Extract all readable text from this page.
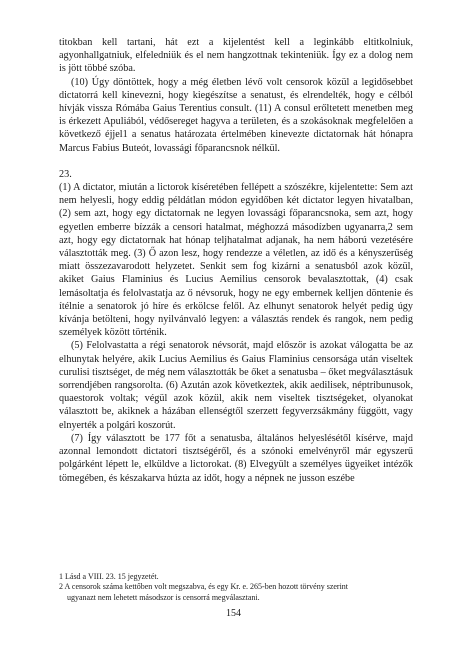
titokban kell tartani, hát ezt a kijelentést kell a leginkább eltitkolniuk, agyonhallgatniuk, elfeledniük és el nem hangzottnak tekinteniük. Így ez a dolog nem is jött többé szóba.

(10) Úgy döntöttek, hogy a még életben lévő volt censorok közül a legidősebbet dictatorrá kell kinevezni, hogy kiegészítse a senatust, és elrendelték, hogy e célból hívják vissza Rómába Gaius Terentius consult. (11) A consul erőltetett menetben meg is érkezett Apuliából, védősereget hagyva a területen, és a szokásoknak megfelelően a következő éjjel1 a senatus határozata értelmében kinevezte dictatornak hát hónapra Marcus Fabius Buteót, lovassági főparancsnok nélkül.

23.

(1) A dictator, miután a lictorok kíséretében fellépett a szószékre, kijelentette: Sem azt nem helyesli, hogy eddig példátlan módon egyidőben két dictator legyen hivatalban, (2) sem azt, hogy egy dictatornak ne legyen lovassági főparancsnoka, sem azt, hogy egyetlen emberre bízzák a censori hatalmat, méghozzá másodízben ugyanarra,2 sem azt, hogy egy dictatornak hat hónap teljhatalmat adjanak, ha nem háború vezetésére választották meg. (3) Ő azon lesz, hogy rendezze a véletlen, az idő és a kényszerűség miatt összezavarodott helyzetet. Senkit sem fog kizárni a senatusból azok közül, akiket Gaius Flaminius és Lucius Aemilius censorok bevalasztottak, (4) csak lemásoltatja és felolvastatja az ő névsoruk, hogy ne egy embernek kelljen döntenie és ítélnie a senatorok jó híre és erkölcse felől. Az elhunyt senatorok helyét pedig úgy kívánja betölteni, hogy nyilvánvaló legyen: a választás rendek és rangok, nem pedig személyek között történik.

(5) Felolvastatta a régi senatorok névsorát, majd először is azokat válogatta be az elhunytak helyére, akik Lucius Aemilius és Gaius Flaminius censorsága után viseltek curulisi tisztséget, de még nem választották be őket a senatusba – őket megválasztásuk sorrendjében rangsorolta. (6) Azután azok következtek, akik aedilisek, néptribunusok, quaestorok voltak; végül azok közül, akik nem viseltek tisztségeket, olyanokat választott be, akiknek a házában ellenségtől szerzett fegyverzsákmány függött, vagy elnyerték a polgári koszorút.

(7) Így választott be 177 főt a senatusba, általános helyeslésétől kísérve, majd azonnal lemondott dictatori tisztségéről, és a szónoki emelvényről már egyszerű polgárként lépett le, elküldve a lictorokat. (8) Elvegyült a személyes ügyeiket intézők tömegében, és készakarva húzta az időt, hogy a népnek ne jusson eszébe

1 Lásd a VIII. 23. 15 jegyzetét.

2 A censorok száma kettőben volt megszabva, és egy Kr. e. 265-ben hozott törvény szerint

ugyanazt nem lehetett másodszor is censorrá megválasztani.

154
